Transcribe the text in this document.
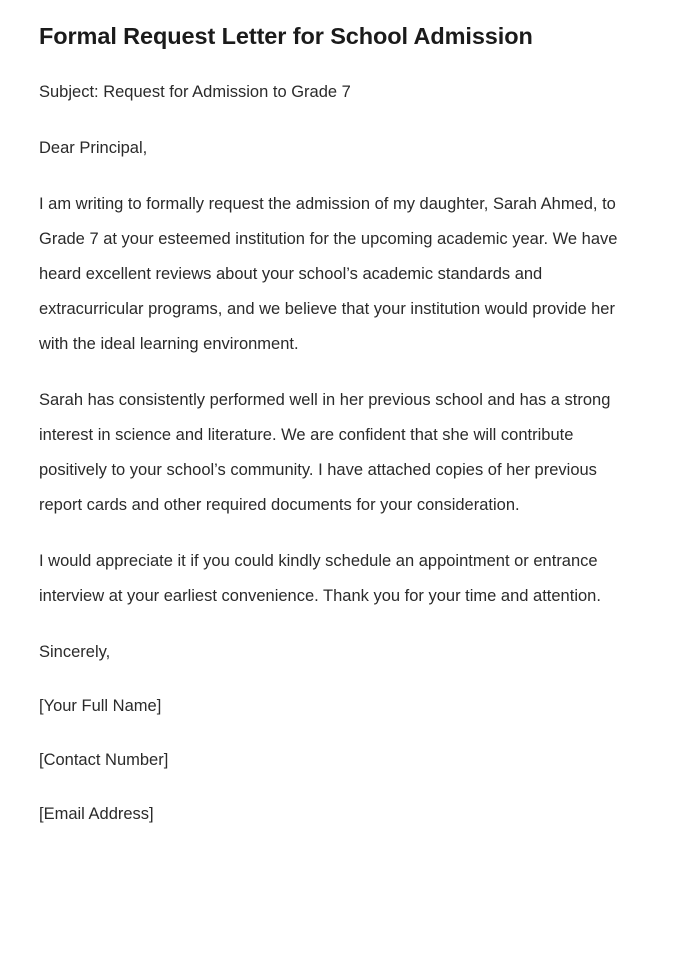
Formal Request Letter for School Admission

Subject: Request for Admission to Grade 7

Dear Principal,

I am writing to formally request the admission of my daughter, Sarah Ahmed, to Grade 7 at your esteemed institution for the upcoming academic year. We have heard excellent reviews about your school’s academic standards and extracurricular programs, and we believe that your institution would provide her with the ideal learning environment.

Sarah has consistently performed well in her previous school and has a strong interest in science and literature. We are confident that she will contribute positively to your school’s community. I have attached copies of her previous report cards and other required documents for your consideration.

I would appreciate it if you could kindly schedule an appointment or entrance interview at your earliest convenience. Thank you for your time and attention.

Sincerely,

[Your Full Name]

[Contact Number]

[Email Address]
